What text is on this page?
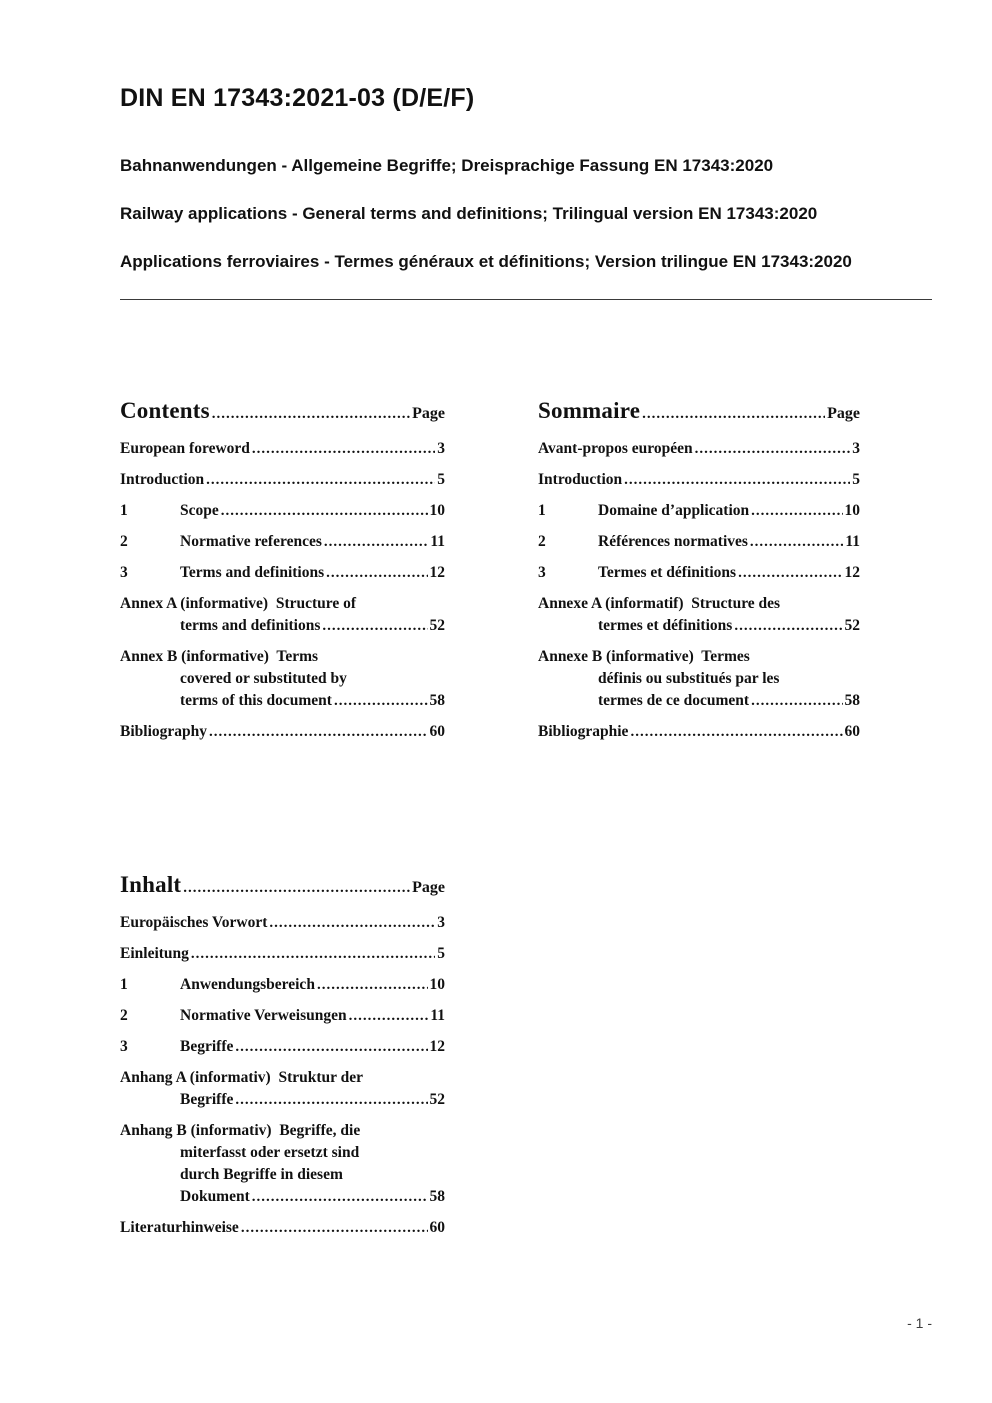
DIN EN 17343:2021-03 (D/E/F)

Bahnanwendungen - Allgemeine Begriffe; Dreisprachige Fassung EN 17343:2020

Railway applications - General terms and definitions; Trilingual version EN 17343:2020

Applications ferroviaires - Termes généraux et définitions; Version trilingue EN 17343:2020

Contents .....	Page
European foreword .....	3
Introduction .....	5
1	Scope .....	10
2	Normative references .....	11
3	Terms and definitions .....	12
Annex A (informative)  Structure of
terms and definitions .....	52
Annex B (informative)  Terms
covered or substituted by
terms of this document .....	58
Bibliography .....	60
Sommaire .....	Page
Avant-propos européen .....	3
Introduction .....	5
1	Domaine d’application .....	10
2	Références normatives .....	11
3	Termes et définitions .....	12
Annexe A (informatif)  Structure des
termes et définitions .....	52
Annexe B (informative)  Termes
définis ou substitués par les
termes de ce document .....	58
Bibliographie .....	60
Inhalt .....	Page
Europäisches Vorwort .....	3
Einleitung .....	5
1	Anwendungsbereich .....	10
2	Normative Verweisungen .....	11
3	Begriffe .....	12
Anhang A (informativ)  Struktur der
Begriffe .....	52
Anhang B (informativ)  Begriffe, die
miterfasst oder ersetzt sind
durch Begriffe in diesem
Dokument .....	58
Literaturhinweise .....	60
- 1 -
